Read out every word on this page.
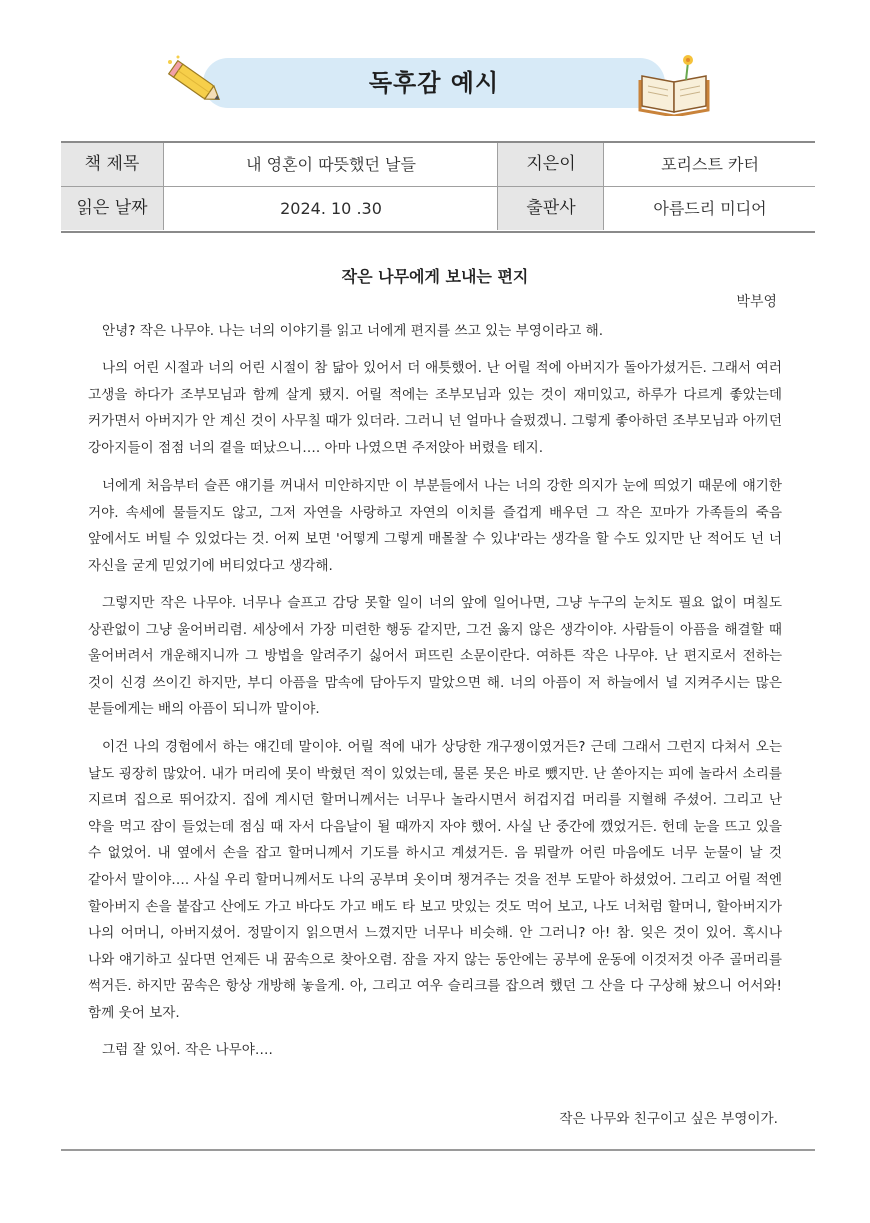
독후감 예시
책 제목	내 영혼이 따뜻했던 날들	지은이	포리스트 카터
읽은 날짜	2024. 10 .30	출판사	아름드리 미디어
작은 나무에게 보내는 편지
박부영
안녕? 작은 나무야. 나는 너의 이야기를 읽고 너에게 편지를 쓰고 있는 부영이라고 해.
나의 어린 시절과 너의 어린 시절이 참 닮아 있어서 더 애틋했어. 난 어릴 적에 아버지가 돌아가셨거든. 그래서 여러 고생을 하다가 조부모님과 함께 살게 됐지. 어릴 적에는 조부모님과 있는 것이 재미있고, 하루가 다르게 좋았는데 커가면서 아버지가 안 계신 것이 사무칠 때가 있더라. 그러니 넌 얼마나 슬펐겠니. 그렇게 좋아하던 조부모님과 아끼던 강아지들이 점점 너의 곁을 떠났으니…. 아마 나였으면 주저앉아 버렸을 테지.
너에게 처음부터 슬픈 얘기를 꺼내서 미안하지만 이 부분들에서 나는 너의 강한 의지가 눈에 띄었기 때문에 얘기한 거야. 속세에 물들지도 않고, 그저 자연을 사랑하고 자연의 이치를 즐겁게 배우던 그 작은 꼬마가 가족들의 죽음 앞에서도 버틸 수 있었다는 것. 어찌 보면 '어떻게 그렇게 매몰찰 수 있냐'라는 생각을 할 수도 있지만 난 적어도 넌 너 자신을 굳게 믿었기에 버티었다고 생각해.
그렇지만 작은 나무야. 너무나 슬프고 감당 못할 일이 너의 앞에 일어나면, 그냥 누구의 눈치도 필요 없이 며칠도 상관없이 그냥 울어버리렴. 세상에서 가장 미련한 행동 같지만, 그건 옳지 않은 생각이야. 사람들이 아픔을 해결할 때 울어버려서 개운해지니까 그 방법을 알려주기 싫어서 퍼뜨린 소문이란다. 여하튼 작은 나무야. 난 편지로서 전하는 것이 신경 쓰이긴 하지만, 부디 아픔을 맘속에 담아두지 말았으면 해. 너의 아픔이 저 하늘에서 널 지켜주시는 많은 분들에게는 배의 아픔이 되니까 말이야.
이건 나의 경험에서 하는 얘긴데 말이야. 어릴 적에 내가 상당한 개구쟁이였거든? 근데 그래서 그런지 다쳐서 오는 날도 굉장히 많았어. 내가 머리에 못이 박혔던 적이 있었는데, 물론 못은 바로 뺐지만. 난 쏟아지는 피에 놀라서 소리를 지르며 집으로 뛰어갔지. 집에 계시던 할머니께서는 너무나 놀라시면서 허겁지겁 머리를 지혈해 주셨어. 그리고 난 약을 먹고 잠이 들었는데 점심 때 자서 다음날이 될 때까지 자야 했어. 사실 난 중간에 깼었거든. 헌데 눈을 뜨고 있을 수 없었어. 내 옆에서 손을 잡고 할머니께서 기도를 하시고 계셨거든. 음 뭐랄까 어린 마음에도 너무 눈물이 날 것 같아서 말이야…. 사실 우리 할머니께서도 나의 공부며 옷이며 챙겨주는 것을 전부 도맡아 하셨었어. 그리고 어릴 적엔 할아버지 손을 붙잡고 산에도 가고 바다도 가고 배도 타 보고 맛있는 것도 먹어 보고, 나도 너처럼 할머니, 할아버지가 나의 어머니, 아버지셨어. 정말이지 읽으면서 느꼈지만 너무나 비슷해. 안 그러니? 아! 참. 잊은 것이 있어. 혹시나 나와 얘기하고 싶다면 언제든 내 꿈속으로 찾아오렴. 잠을 자지 않는 동안에는 공부에 운동에 이것저것 아주 골머리를 썩거든. 하지만 꿈속은 항상 개방해 놓을게. 아, 그리고 여우 슬리크를 잡으려 했던 그 산을 다 구상해 놨으니 어서와! 함께 웃어 보자.
그럼 잘 있어. 작은 나무야….
작은 나무와 친구이고 싶은 부영이가.
